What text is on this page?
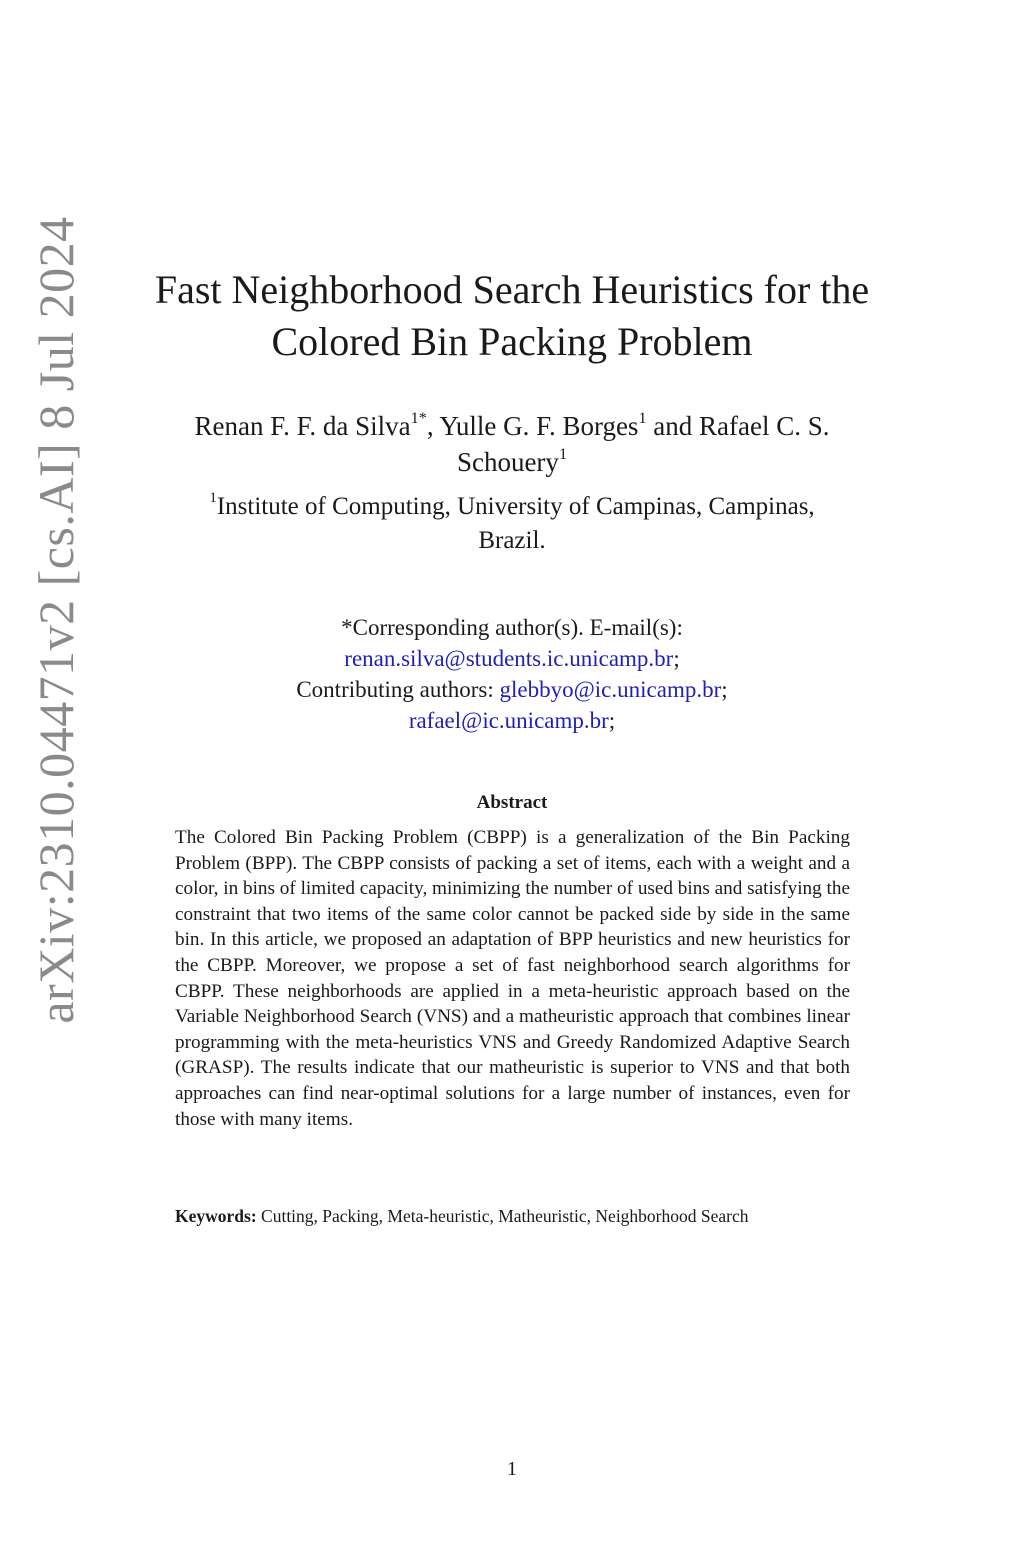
arXiv:2310.04471v2 [cs.AI] 8 Jul 2024	Fast Neighborhood Search Heuristics for the
Colored Bin Packing Problem
Renan F. F. da Silva$^{1*}$, Yulle G. F. Borges$^1$ and Rafael C. S.
Schouery$^1$
$^1$Institute of Computing, University of Campinas, Campinas,
Brazil.
*Corresponding author(s). E-mail(s):
renan.silva@students.ic.unicamp.br;
Contributing authors: glebbyo@ic.unicamp.br;
rafael@ic.unicamp.br;
Abstract
The Colored Bin Packing Problem (CBPP) is a generalization of the Bin Packing Problem (BPP). The CBPP consists of packing a set of items, each with a weight and a color, in bins of limited capacity, minimizing the number of used bins and satisfying the constraint that two items of the same color cannot be packed side by side in the same bin. In this article, we proposed an adaptation of BPP heuristics and new heuristics for the CBPP. Moreover, we propose a set of fast neighborhood search algorithms for CBPP. These neighborhoods are applied in a meta-heuristic approach based on the Variable Neighborhood Search (VNS) and a matheuristic approach that combines linear programming with the meta-heuristics VNS and Greedy Randomized Adaptive Search (GRASP). The results indicate that our matheuristic is superior to VNS and that both approaches can find near-optimal solutions for a large number of instances, even for those with many items.
Keywords: Cutting, Packing, Meta-heuristic, Matheuristic, Neighborhood Search
1
